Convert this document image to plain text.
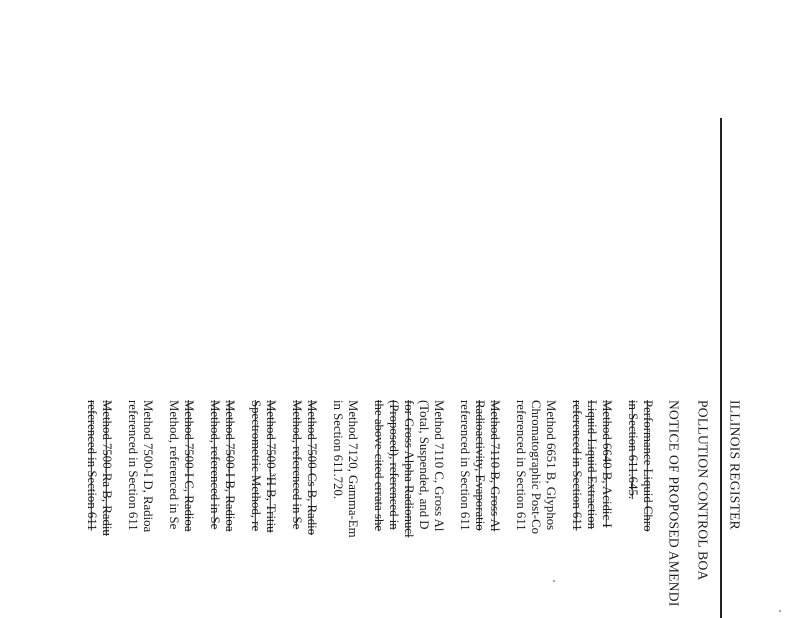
ILLINOIS REGISTER
POLLUTION CONTROL BOA
NOTICE OF PROPOSED AMENDI
Performance Liquid Chro
in Section 611.645.
Method 6640 B, Acidic I
Liquid-Liquid Extraction
referenced in Section 611
Method 6651 B, Glyphos
Chromatographic Post-Co
referenced in Section 611
Method 7110 B, Gross Al
Radioactivity, Evaporatio
referenced in Section 611
Method 7110 C, Gross Al
(Total, Suspended, and D
for Gross Alpha Radionucl
(Proposed), referenced in
the above-cited errata she
Method 7120, Gamma-Em
in Section 611.720.
Method 7500-Cs B, Radio
Method, referenced in Se
Method 7500-³H B, Tritiu
Spectrometric Method, re
Method 7500-I B, Radioa
Method, referenced in Se
Method 7500-I C, Radioa
Method, referenced in Se
Method 7500-I D, Radioa
referenced in Section 611
Method 7500-Ra B, Radiu
referenced in Section 611
